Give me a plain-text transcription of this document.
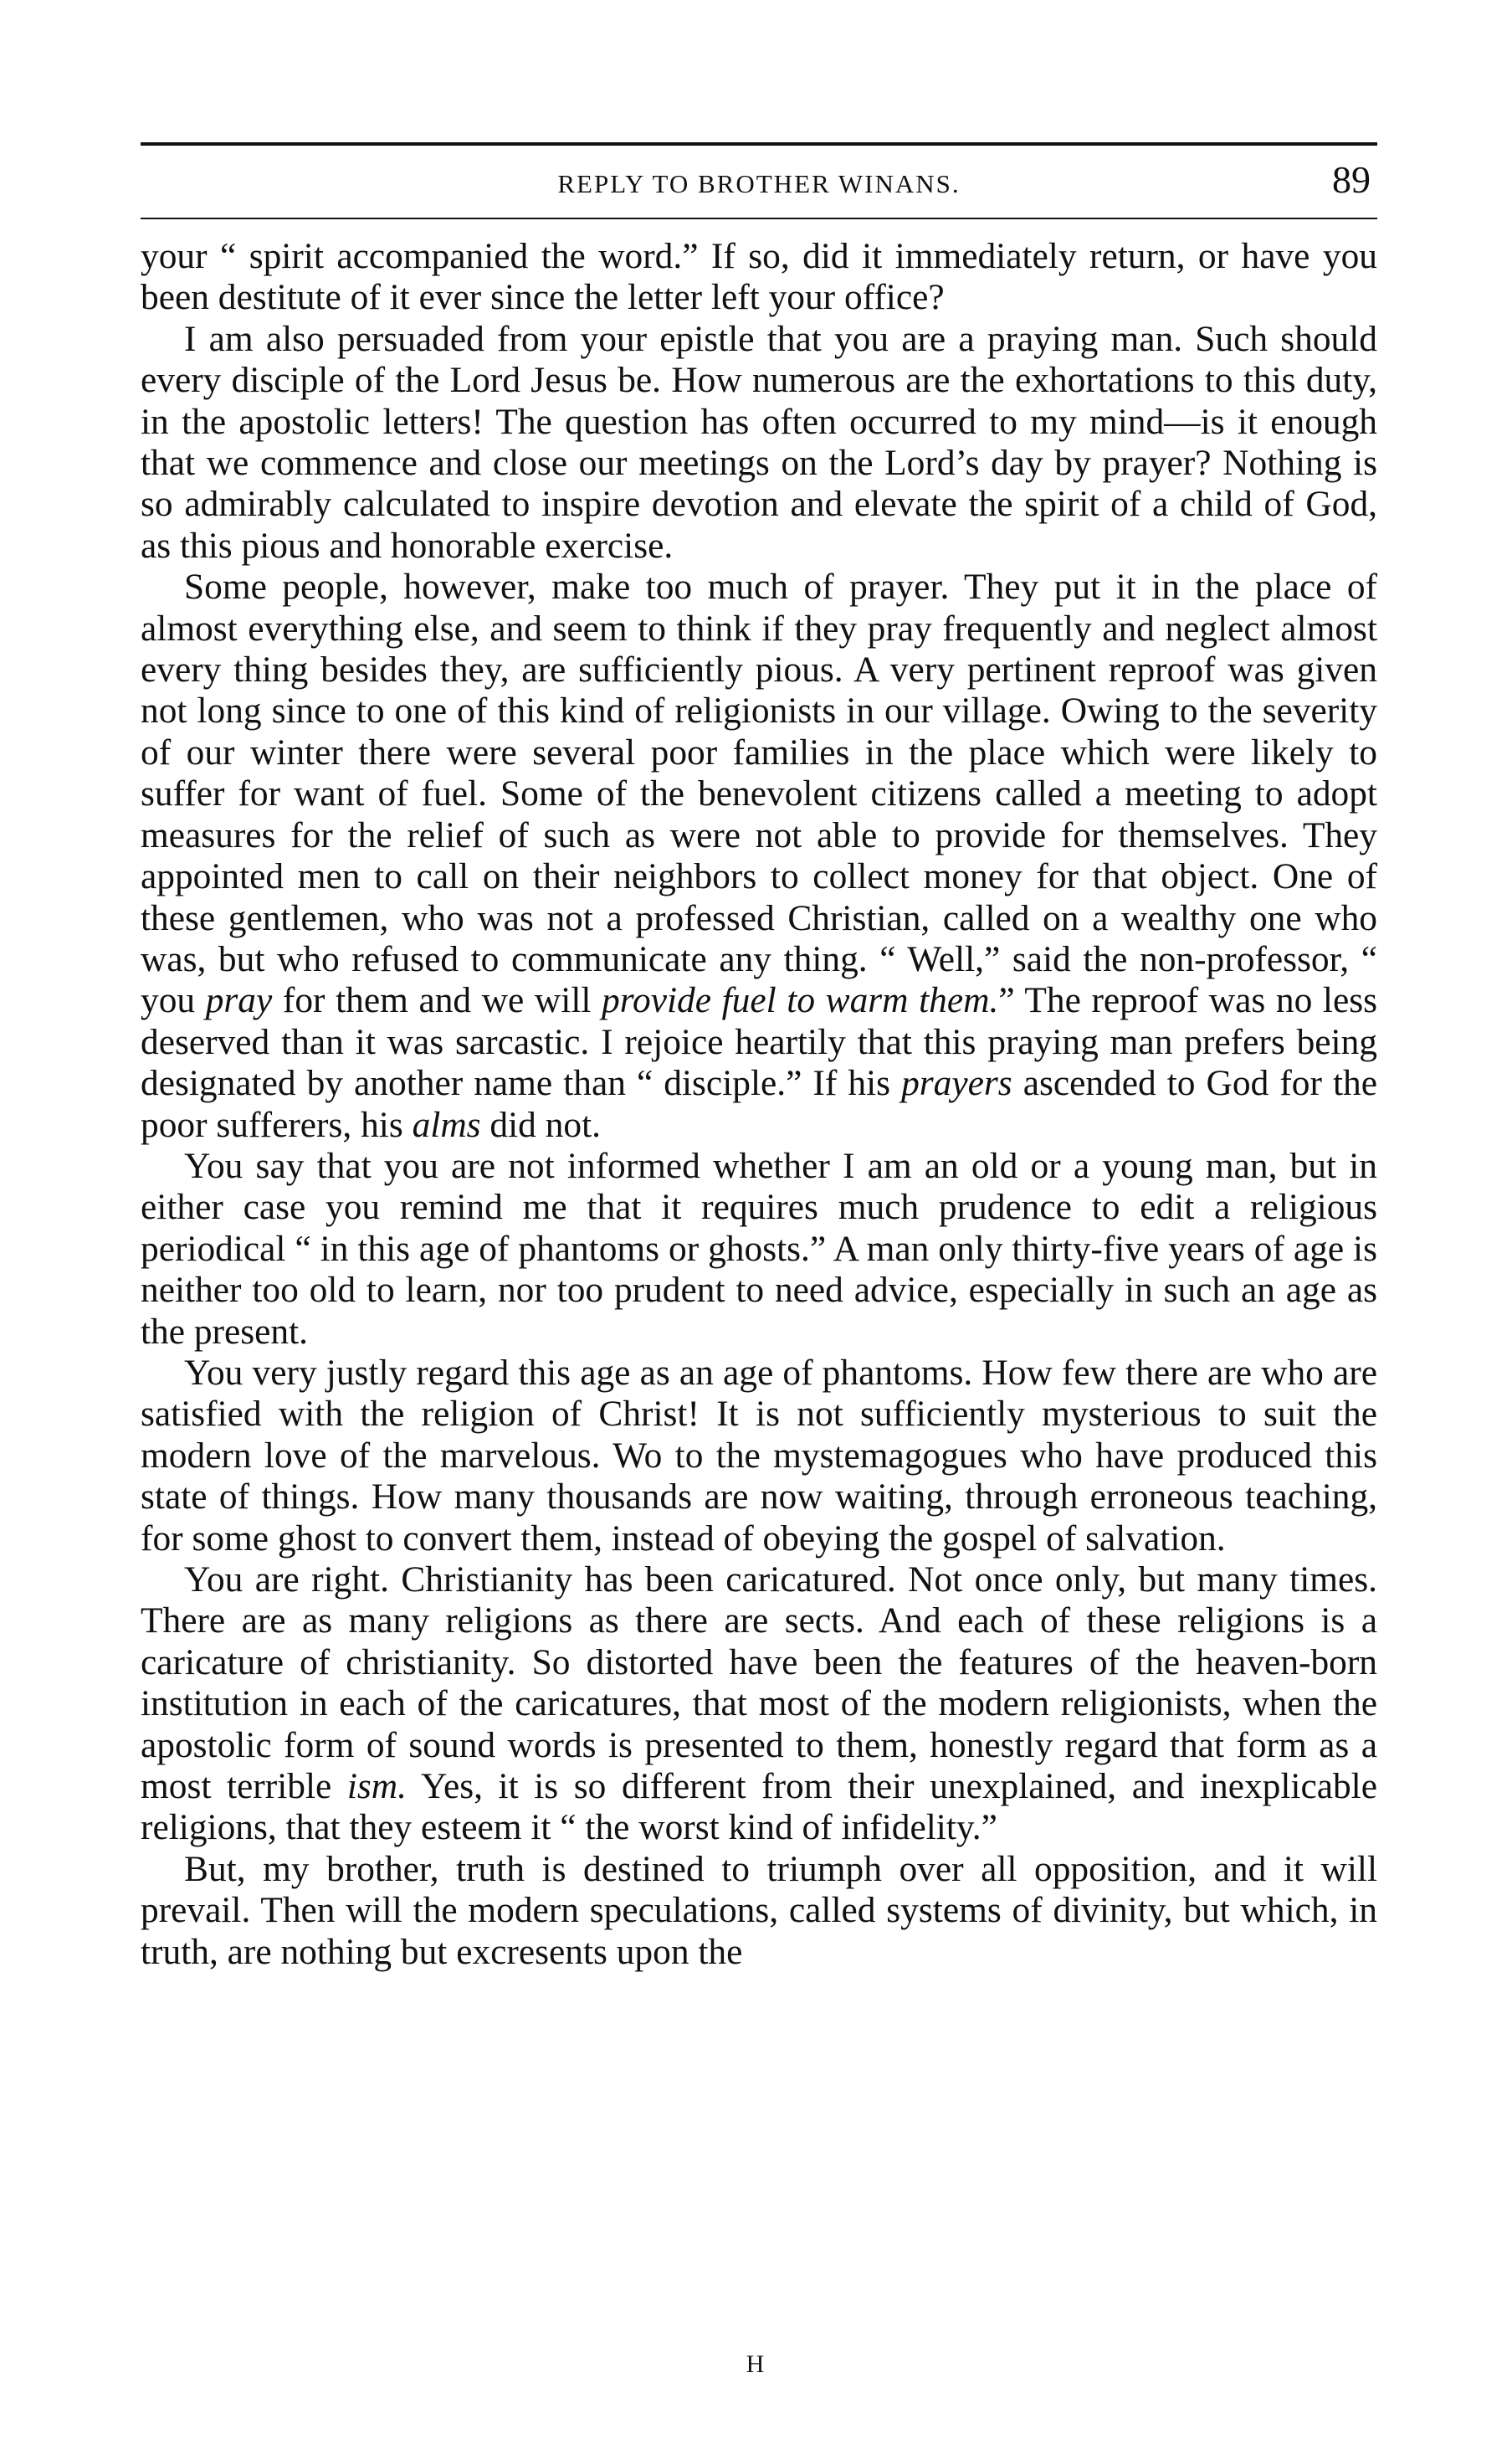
REPLY TO BROTHER WINANS.	89

your “ spirit accompanied the word.” If so, did it immediately return, or have you been destitute of it ever since the letter left your office?

I am also persuaded from your epistle that you are a praying man. Such should every disciple of the Lord Jesus be. How numerous are the exhortations to this duty, in the apostolic letters! The question has often occurred to my mind—is it enough that we commence and close our meetings on the Lord’s day by prayer? Nothing is so admirably calculated to inspire devotion and elevate the spirit of a child of God, as this pious and honorable exercise.

Some people, however, make too much of prayer. They put it in the place of almost everything else, and seem to think if they pray frequently and neglect almost every thing besides they, are sufficiently pious. A very pertinent reproof was given not long since to one of this kind of religionists in our village. Owing to the severity of our winter there were several poor families in the place which were likely to suffer for want of fuel. Some of the benevolent citizens called a meeting to adopt measures for the relief of such as were not able to provide for themselves. They appointed men to call on their neighbors to collect money for that object. One of these gentlemen, who was not a professed Christian, called on a wealthy one who was, but who refused to communicate any thing. “ Well,” said the non-professor, “ you pray for them and we will provide fuel to warm them.” The reproof was no less deserved than it was sarcastic. I rejoice heartily that this praying man prefers being designated by another name than “ disciple.” If his prayers ascended to God for the poor sufferers, his alms did not.

You say that you are not informed whether I am an old or a young man, but in either case you remind me that it requires much prudence to edit a religious periodical “ in this age of phantoms or ghosts.” A man only thirty-five years of age is neither too old to learn, nor too prudent to need advice, especially in such an age as the present.

You very justly regard this age as an age of phantoms. How few there are who are satisfied with the religion of Christ! It is not sufficiently mysterious to suit the modern love of the marvelous. Wo to the mystemagogues who have produced this state of things. How many thousands are now waiting, through erroneous teaching, for some ghost to convert them, instead of obeying the gospel of salvation.

You are right. Christianity has been caricatured. Not once only, but many times. There are as many religions as there are sects. And each of these religions is a caricature of christianity. So distorted have been the features of the heaven-born institution in each of the caricatures, that most of the modern religionists, when the apostolic form of sound words is presented to them, honestly regard that form as a most terrible ism. Yes, it is so different from their unexplained, and inexplicable religions, that they esteem it “ the worst kind of infidelity.”

But, my brother, truth is destined to triumph over all opposition, and it will prevail. Then will the modern speculations, called systems of divinity, but which, in truth, are nothing but excresents upon the

H
